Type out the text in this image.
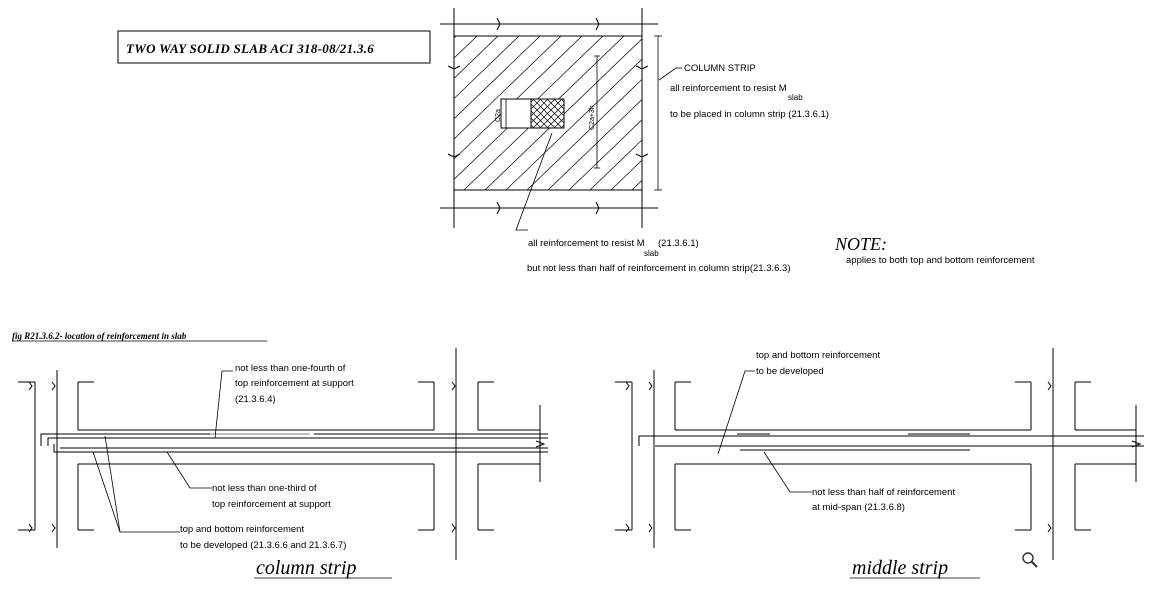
TWO WAY SOLID SLAB ACI 318-08/21.3.6
C2a	C2a+3h
COLUMN STRIP
all reinforcement to resist M
slab
to be placed in column strip (21.3.6.1)
all reinforcement to resist M (21.3.6.1)
slab
but not less than half of reinforcement in column strip(21.3.6.3)
NOTE:
applies to both top and bottom reinforcement
fig R21.3.6.2- location of reinforcement in slab
not less than one-fourth of
top reinforcement at support
(21.3.6.4)
not less than one-third of
top reinforcement at support
top and bottom reinforcement
to be developed (21.3.6.6 and 21.3.6.7)
column strip
top and bottom reinforcement
to be developed
not less than half of reinforcement
at mid-span (21.3.6.8)
middle strip
